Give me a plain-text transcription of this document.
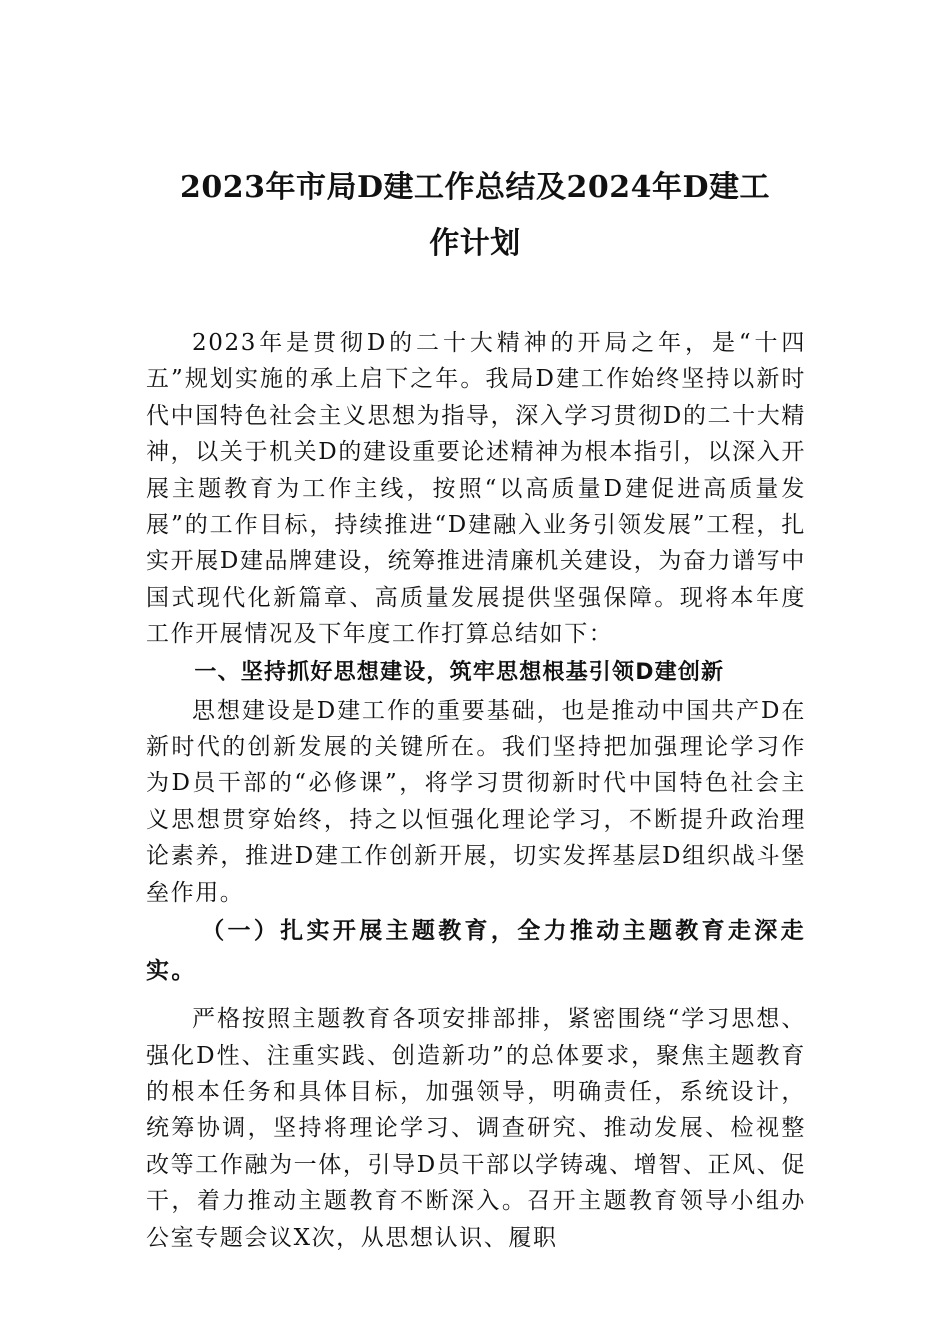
2023年市局D建工作总结及2024年D建工
作计划

2023年是贯彻D的二十大精神的开局之年，是“十四五”规划实施的承上启下之年。我局D建工作始终坚持以新时代中国特色社会主义思想为指导，深入学习贯彻D的二十大精神，以关于机关D的建设重要论述精神为根本指引，以深入开展主题教育为工作主线，按照“以高质量D建促进高质量发展”的工作目标，持续推进“D建融入业务引领发展”工程，扎实开展D建品牌建设，统筹推进清廉机关建设，为奋力谱写中国式现代化新篇章、高质量发展提供坚强保障。现将本年度工作开展情况及下年度工作打算总结如下：

一、坚持抓好思想建设，筑牢思想根基引领D建创新

思想建设是D建工作的重要基础，也是推动中国共产D在新时代的创新发展的关键所在。我们坚持把加强理论学习作为D员干部的“必修课”，将学习贯彻新时代中国特色社会主义思想贯穿始终，持之以恒强化理论学习，不断提升政治理论素养，推进D建工作创新开展，切实发挥基层D组织战斗堡垒作用。

（一）扎实开展主题教育，全力推动主题教育走深走实。

严格按照主题教育各项安排部排，紧密围绕“学习思想、强化D性、注重实践、创造新功”的总体要求，聚焦主题教育的根本任务和具体目标，加强领导，明确责任，系统设计，统筹协调，坚持将理论学习、调查研究、推动发展、检视整改等工作融为一体，引导D员干部以学铸魂、增智、正风、促干，着力推动主题教育不断深入。召开主题教育领导小组办公室专题会议X次，从思想认识、履职
